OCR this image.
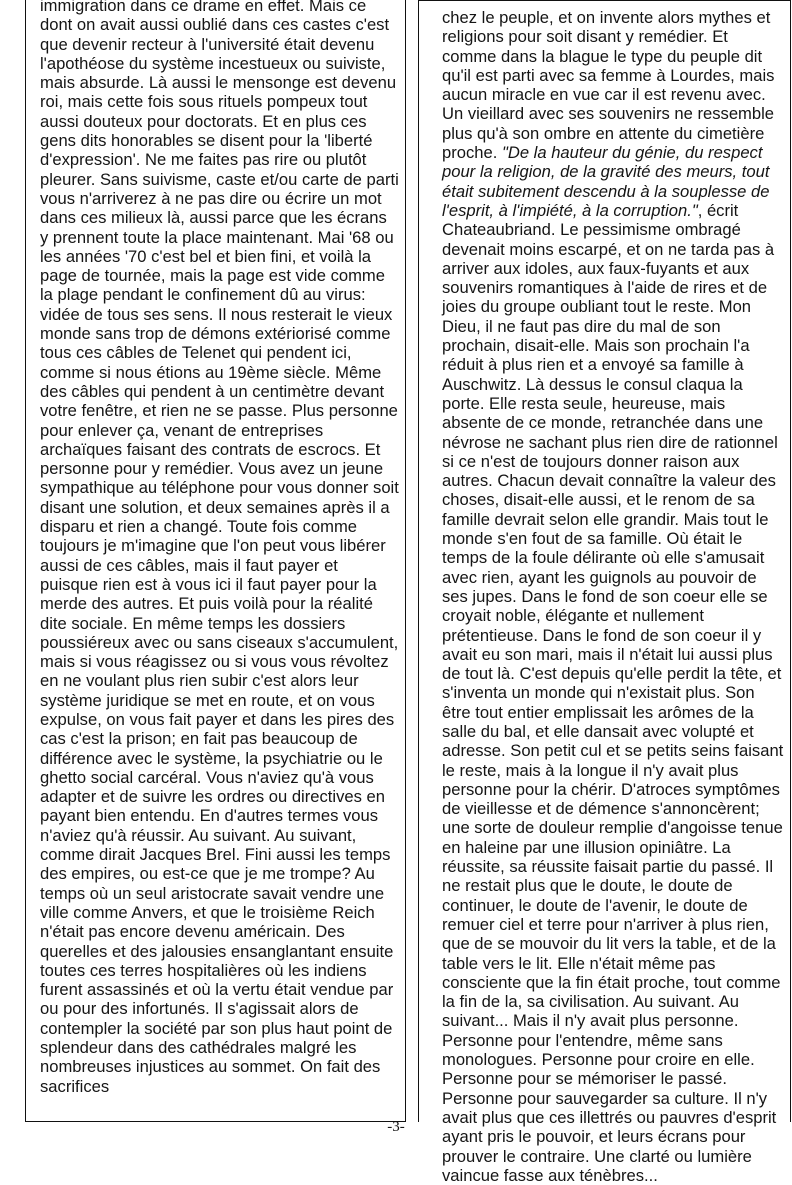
immigration dans ce drame en effet. Mais ce dont on avait aussi oublié dans ces castes c'est que devenir recteur à l'université était devenu l'apothéose du système incestueux ou suiviste, mais absurde. Là aussi le mensonge est devenu roi, mais cette fois sous rituels pompeux tout aussi douteux pour doctorats. Et en plus ces gens dits honorables se disent pour la 'liberté d'expression'. Ne me faites pas rire ou plutôt pleurer. Sans suivisme, caste et/ou carte de parti vous n'arriverez à ne pas dire ou écrire un mot dans ces milieux là, aussi parce que les écrans y prennent toute la place maintenant. Mai '68 ou les années '70 c'est bel et bien fini, et voilà la page de tournée, mais la page est vide comme la plage pendant le confinement dû au virus: vidée de tous ses sens. Il nous resterait le vieux monde sans trop de démons extériorisé comme tous ces câbles de Telenet qui pendent ici, comme si nous étions au 19ème siècle. Même des câbles qui pendent à un centimètre devant votre fenêtre, et rien ne se passe. Plus personne pour enlever ça, venant de entreprises archaïques faisant des contrats de escrocs. Et personne pour y remédier. Vous avez un jeune sympathique au téléphone pour vous donner soit disant une solution, et deux semaines après il a disparu et rien a changé. Toute fois comme toujours je m'imagine que l'on peut vous libérer aussi de ces câbles, mais il faut payer et puisque rien est à vous ici il faut payer pour la merde des autres. Et puis voilà pour la réalité dite sociale. En même temps les dossiers poussiéreux avec ou sans ciseaux s'accumulent, mais si vous réagissez ou si vous vous révoltez en ne voulant plus rien subir c'est alors leur système juridique se met en route, et on vous expulse, on vous fait payer et dans les pires des cas c'est la prison; en fait pas beaucoup de différence avec le système, la psychiatrie ou le ghetto social carcéral. Vous n'aviez qu'à vous adapter et de suivre les ordres ou directives en payant bien entendu. En d'autres termes vous n'aviez qu'à réussir. Au suivant. Au suivant, comme dirait Jacques Brel. Fini aussi les temps des empires, ou est-ce que je me trompe? Au temps où un seul aristocrate savait vendre une ville comme Anvers, et que le troisième Reich n'était pas encore devenu américain. Des querelles et des jalousies ensanglantant ensuite toutes ces terres hospitalières où les indiens furent assassinés et où la vertu était vendue par ou pour des infortunés. Il s'agissait alors de contempler la société par son plus haut point de splendeur dans des cathédrales malgré les nombreuses injustices au sommet. On fait des sacrifices

chez le peuple, et on invente alors mythes et religions pour soit disant y remédier. Et comme dans la blague le type du peuple dit qu'il est parti avec sa femme à Lourdes, mais aucun miracle en vue car il est revenu avec. Un vieillard avec ses souvenirs ne ressemble plus qu'à son ombre en attente du cimetière proche. "De la hauteur du génie, du respect pour la religion, de la gravité des meurs, tout était subitement descendu à la souplesse de l'esprit, à l'impiété, à la corruption.", écrit Chateaubriand. Le pessimisme ombragé devenait moins escarpé, et on ne tarda pas à arriver aux idoles, aux faux-fuyants et aux souvenirs romantiques à l'aide de rires et de joies du groupe oubliant tout le reste. Mon Dieu, il ne faut pas dire du mal de son prochain, disait-elle. Mais son prochain l'a réduit à plus rien et a envoyé sa famille à Auschwitz. Là dessus le consul claqua la porte. Elle resta seule, heureuse, mais absente de ce monde, retranchée dans une névrose ne sachant plus rien dire de rationnel si ce n'est de toujours donner raison aux autres. Chacun devait connaître la valeur des choses, disait-elle aussi, et le renom de sa famille devrait selon elle grandir. Mais tout le monde s'en fout de sa famille. Où était le temps de la foule délirante où elle s'amusait avec rien, ayant les guignols au pouvoir de ses jupes. Dans le fond de son coeur elle se croyait noble, élégante et nullement prétentieuse. Dans le fond de son coeur il y avait eu son mari, mais il n'était lui aussi plus de tout là. C'est depuis qu'elle perdit la tête, et s'inventa un monde qui n'existait plus. Son être tout entier emplissait les arômes de la salle du bal, et elle dansait avec volupté et adresse. Son petit cul et se petits seins faisant le reste, mais à la longue il n'y avait plus personne pour la chérir. D'atroces symptômes de vieillesse et de démence s'annoncèrent; une sorte de douleur remplie d'angoisse tenue en haleine par une illusion opiniâtre. La réussite, sa réussite faisait partie du passé. Il ne restait plus que le doute, le doute de continuer, le doute de l'avenir, le doute de remuer ciel et terre pour n'arriver à plus rien, que de se mouvoir du lit vers la table, et de la table vers le lit. Elle n'était même pas consciente que la fin était proche, tout comme la fin de la, sa civilisation. Au suivant. Au suivant... Mais il n'y avait plus personne. Personne pour l'entendre, même sans monologues. Personne pour croire en elle. Personne pour se mémoriser le passé. Personne pour sauvegarder sa culture. Il n'y avait plus que ces illettrés ou pauvres d'esprit ayant pris le pouvoir, et leurs écrans pour prouver le contraire. Une clarté ou lumière vaincue fasse aux ténèbres...

-3-
